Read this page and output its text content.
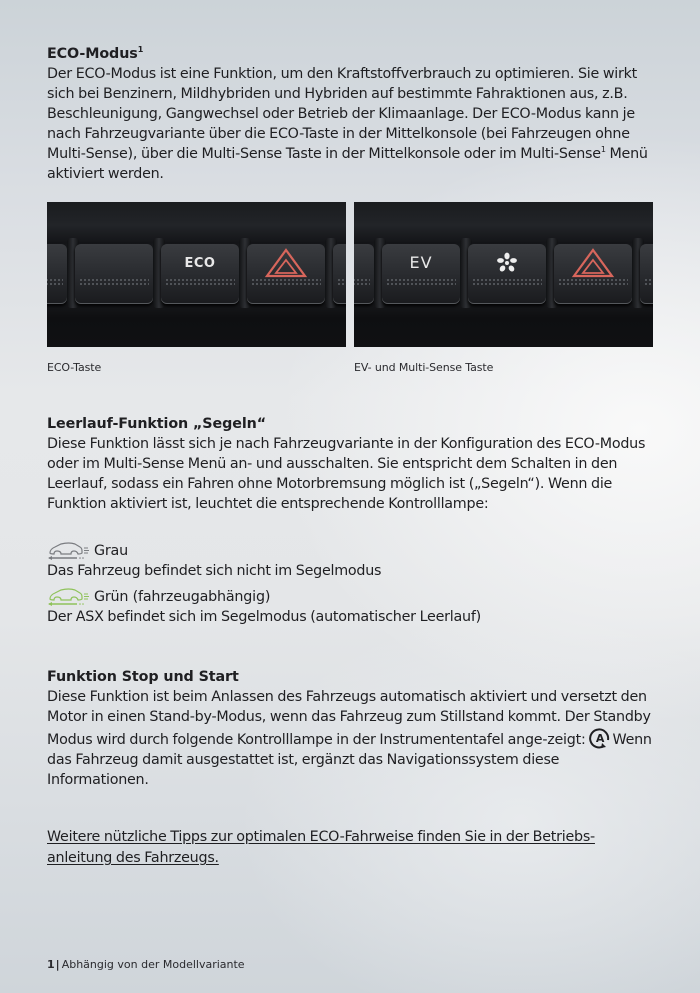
ECO-Modus$^1$

Der ECO-Modus ist eine Funktion, um den Kraftstoffverbrauch zu optimieren. Sie wirkt sich bei Benzinern, Mildhybriden und Hybriden auf bestimmte Fahraktionen aus, z.B. Beschleunigung, Gangwechsel oder Betrieb der Klimaanlage. Der ECO-Modus kann je nach Fahrzeugvariante über die ECO-Taste in der Mittelkonsole (bei Fahrzeugen ohne Multi-Sense), über die Multi-Sense Taste in der Mittelkonsole oder im Multi-Sense$^1$ Menü aktiviert werden.

ECO	EV
ECO-Taste	EV- und Multi-Sense Taste

Leerlauf-Funktion „Segeln“

Diese Funktion lässt sich je nach Fahrzeugvariante in der Konfiguration des ECO-Modus oder im Multi-Sense Menü an- und ausschalten. Sie entspricht dem Schalten in den Leerlauf, sodass ein Fahren ohne Motorbremsung möglich ist („Segeln“). Wenn die Funktion aktiviert ist, leuchtet die entsprechende Kontrolllampe:

Grau

Das Fahrzeug befindet sich nicht im Segelmodus

Grün (fahrzeugabhängig)

Der ASX befindet sich im Segelmodus (automatischer Leerlauf)

Funktion Stop und Start

Diese Funktion ist beim Anlassen des Fahrzeugs automatisch aktiviert und versetzt den Motor in einen Stand-by-Modus, wenn das Fahrzeug zum Stillstand kommt. Der Standby Modus wird durch folgende Kontrolllampe in der Instrumententafel ange-zeigt: A Wenn das Fahrzeug damit ausgestattet ist, ergänzt das Navigationssystem diese Informationen.

Weitere nützliche Tipps zur optimalen ECO-Fahrweise finden Sie in der Betriebs-anleitung des Fahrzeugs.
1| Abhängig von der Modellvariante
